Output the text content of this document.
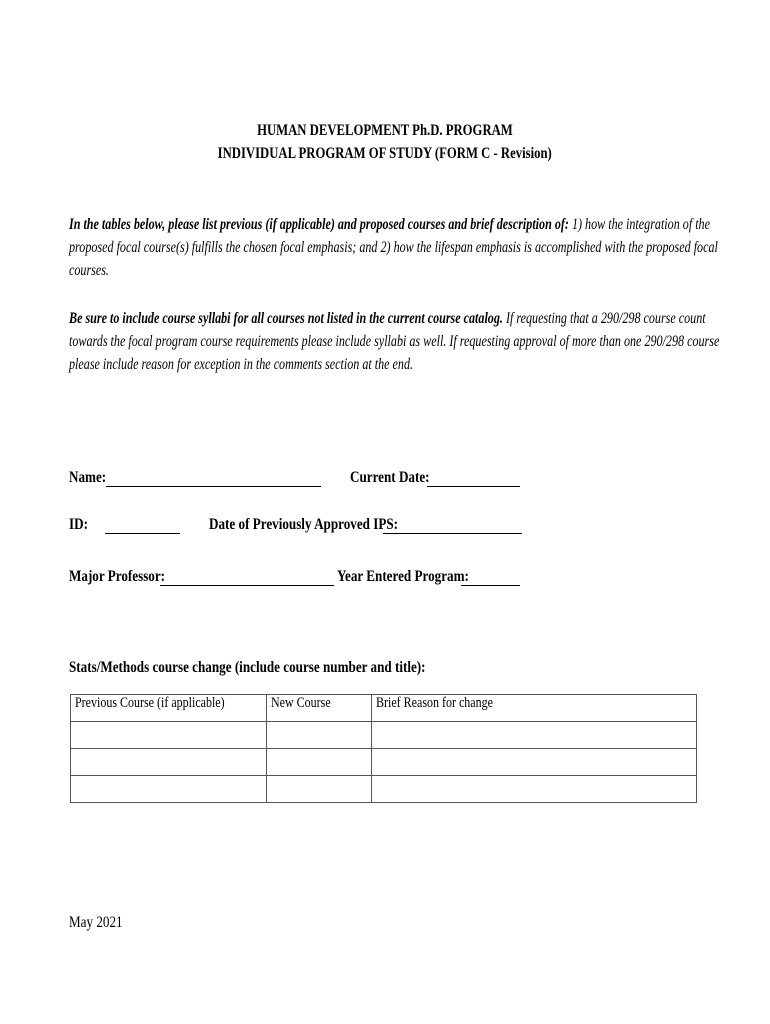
HUMAN DEVELOPMENT Ph.D. PROGRAM
INDIVIDUAL PROGRAM OF STUDY (FORM C - Revision)
In the tables below, please list previous (if applicable) and proposed courses and brief description of: 1) how the integration of the
proposed focal course(s) fulfills the chosen focal emphasis; and 2) how the lifespan emphasis is accomplished with the proposed focal
courses.
Be sure to include course syllabi for all courses not listed in the current course catalog. If requesting that a 290/298 course count
towards the focal program course requirements please include syllabi as well. If requesting approval of more than one 290/298 course
please include reason for exception in the comments section at the end.
Name:	Current Date:
ID:	Date of Previously Approved IPS:
Major Professor:	Year Entered Program:
Stats/Methods course change (include course number and title):
Previous Course (if applicable)	New Course	Brief Reason for change

May 2021
